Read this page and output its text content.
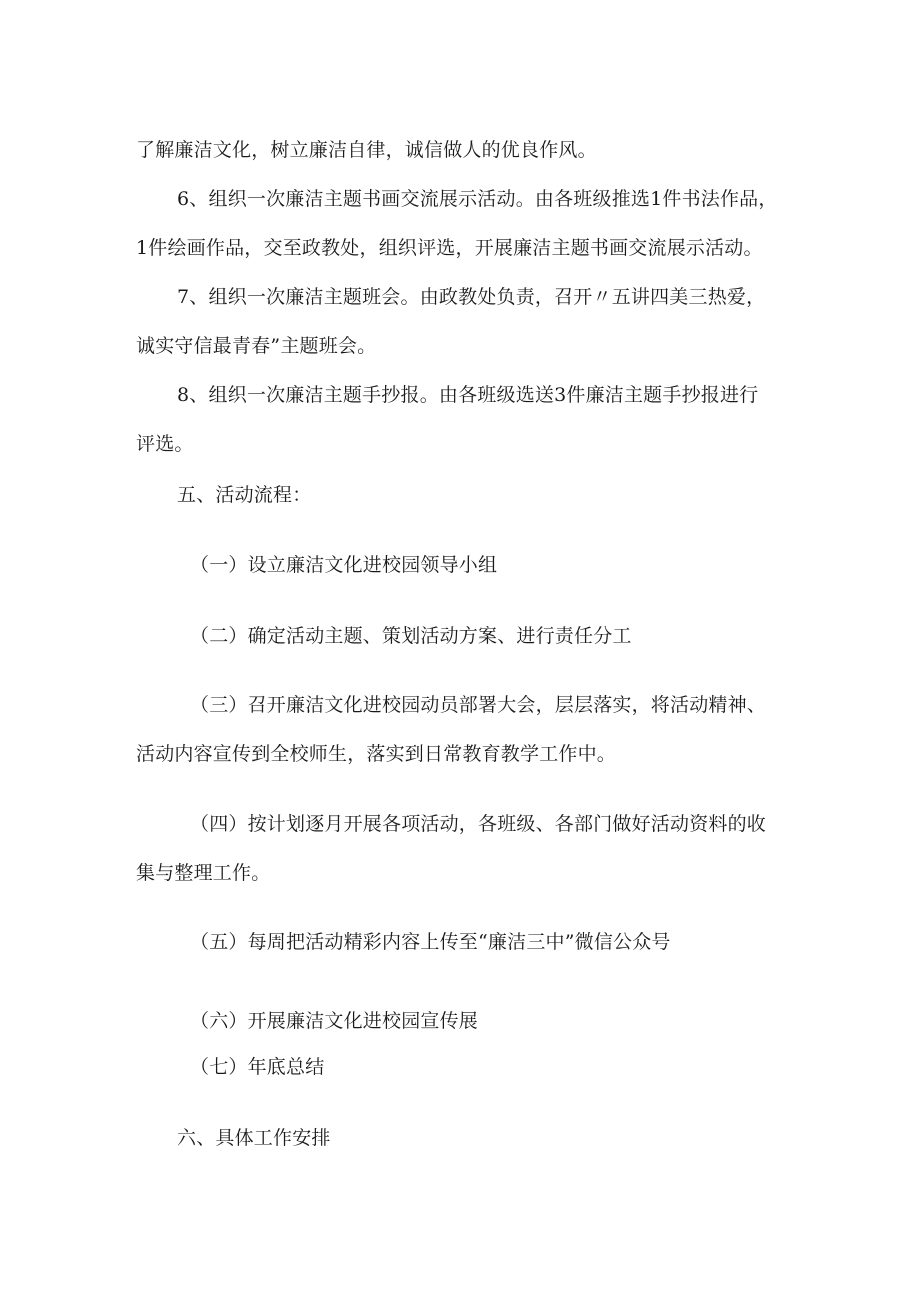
了解廉洁文化，树立廉洁自律，诚信做人的优良作风。
6、组织一次廉洁主题书画交流展示活动。由各班级推选1件书法作品，
1件绘画作品，交至政教处，组织评选，开展廉洁主题书画交流展示活动。
7、组织一次廉洁主题班会。由政教处负责，召开〃五讲四美三热爱，
诚实守信最青春”主题班会。
8、组织一次廉洁主题手抄报。由各班级选送3件廉洁主题手抄报进行
评选。
五、活动流程：
（一）设立廉洁文化进校园领导小组
（二）确定活动主题、策划活动方案、进行责任分工
（三）召开廉洁文化进校园动员部署大会，层层落实，将活动精神、
活动内容宣传到全校师生，落实到日常教育教学工作中。
（四）按计划逐月开展各项活动，各班级、各部门做好活动资料的收
集与整理工作。
（五）每周把活动精彩内容上传至“廉洁三中”微信公众号
（六）开展廉洁文化进校园宣传展
（七）年底总结
六、具体工作安排
